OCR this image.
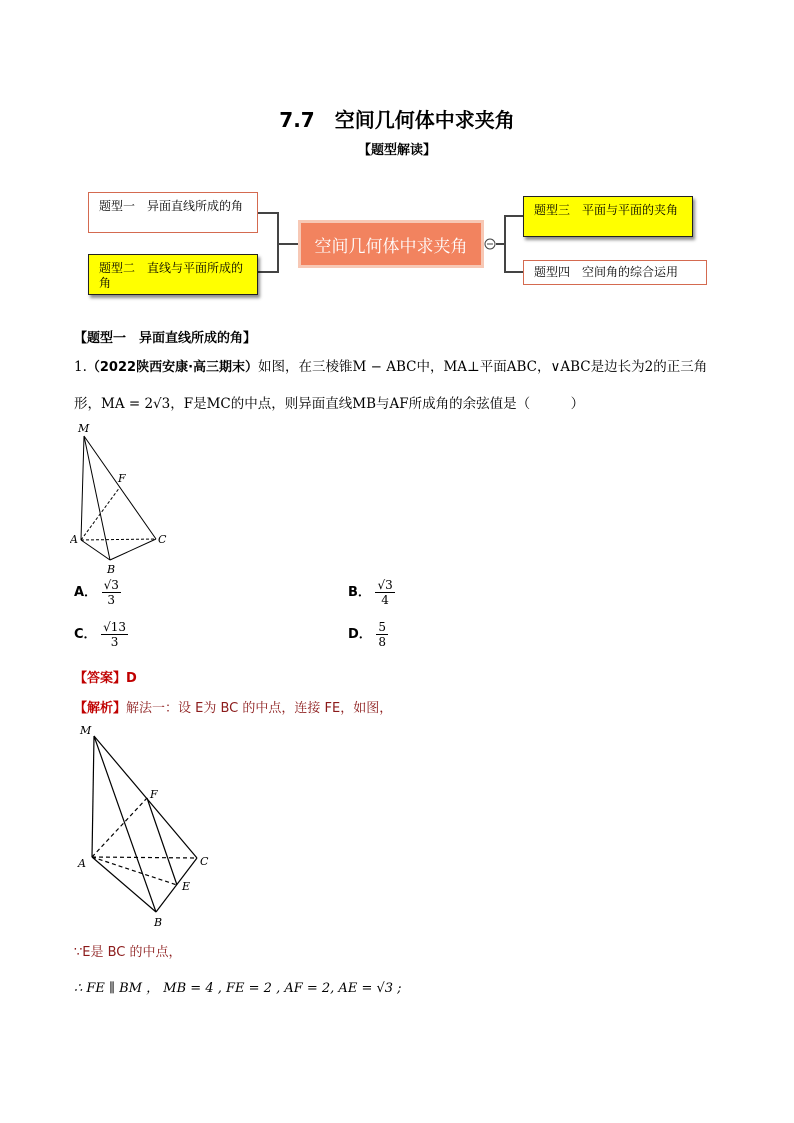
7.7　空间几何体中求夹角
【题型解读】
题型一　异面直线所成的角
题型二　直线与平面所成的角
空间几何体中求夹角
题型三　平面与平面的夹角
题型四　空间角的综合运用
【题型一　异面直线所成的角】
1.（2022陕西安康·高三期末）如图，在三棱锥M − ABC中，MA⊥平面ABC，∨ABC是边长为2的正三角
形，MA = 2√3，F是MC的中点，则异面直线MB与AF所成角的余弦值是（　　　）
M
F
A	C
B
A． $\frac{√3}{3}$	B． $\frac{√3}{4}$
C． $\frac{√13}{3}$	D． $\frac{5}{8}$
【答案】D
【解析】解法一：设 E为 BC 的中点，连接 FE，如图，
M
F
A	C
E
B
∵E是 BC 的中点，
∴ FE ∥ BM ， MB = 4 , FE = 2 , AF = 2, AE = √3 ;
